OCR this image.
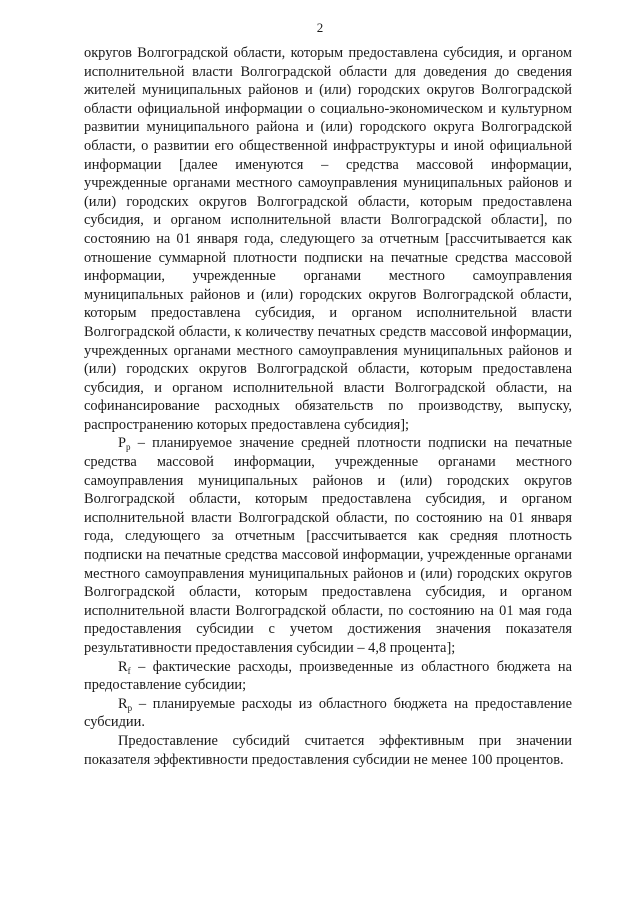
2

округов Волгоградской области, которым предоставлена субсидия, и органом исполнительной власти Волгоградской области для доведения до сведения жителей муниципальных районов и (или) городских округов Волгоградской области официальной информации о социально-экономическом и культурном развитии муниципального района и (или) городского округа Волгоградской области, о развитии его общественной инфраструктуры и иной официальной информации [далее именуются – средства массовой информации, учрежденные органами местного самоуправления муниципальных районов и (или) городских округов Волгоградской области, которым предоставлена субсидия, и органом исполнительной власти Волгоградской области], по состоянию на 01 января года, следующего за отчетным [рассчитывается как отношение суммарной плотности подписки на печатные средства массовой информации, учрежденные органами местного самоуправления муниципальных районов и (или) городских округов Волгоградской области, которым предоставлена субсидия, и органом исполнительной власти Волгоградской области, к количеству печатных средств массовой информации, учрежденных органами местного самоуправления муниципальных районов и (или) городских округов Волгоградской области, которым предоставлена субсидия, и органом исполнительной власти Волгоградской области, на софинансирование расходных обязательств по производству, выпуску, распространению которых предоставлена субсидия];

$P_p$ – планируемое значение средней плотности подписки на печатные средства массовой информации, учрежденные органами местного самоуправления муниципальных районов и (или) городских округов Волгоградской области, которым предоставлена субсидия, и органом исполнительной власти Волгоградской области, по состоянию на 01 января года, следующего за отчетным [рассчитывается как средняя плотность подписки на печатные средства массовой информации, учрежденные органами местного самоуправления муниципальных районов и (или) городских округов Волгоградской области, которым предоставлена субсидия, и органом исполнительной власти Волгоградской области, по состоянию на 01 мая года предоставления субсидии с учетом достижения значения показателя результативности предоставления субсидии – 4,8 процента];

$R_f$ – фактические расходы, произведенные из областного бюджета на предоставление субсидии;

$R_p$ – планируемые расходы из областного бюджета на предоставление субсидии.

Предоставление субсидий считается эффективным при значении показателя эффективности предоставления субсидии не менее 100 процентов.
